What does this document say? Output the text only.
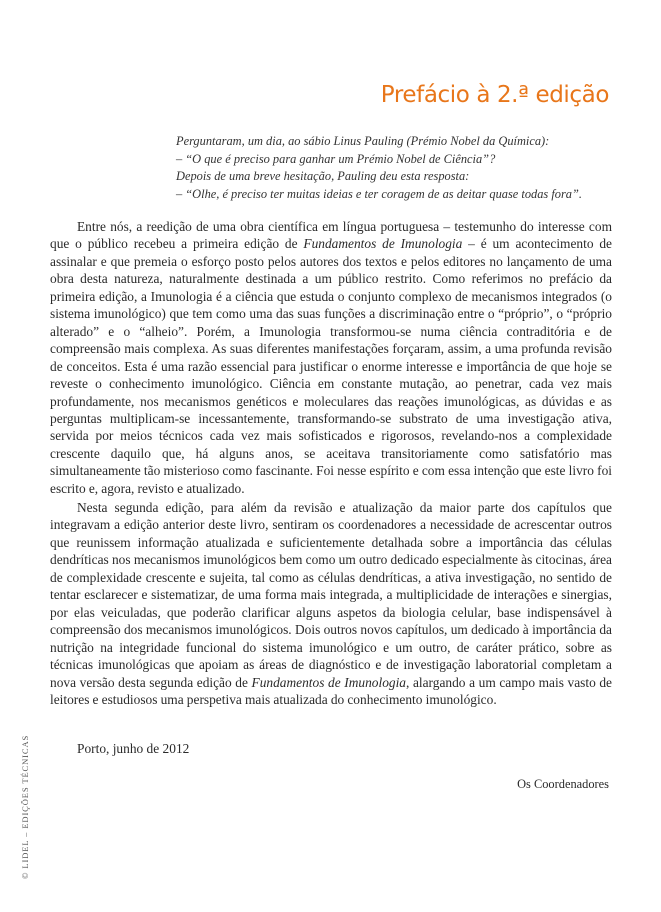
Prefácio à 2.ª edição
Perguntaram, um dia, ao sábio Linus Pauling (Prémio Nobel da Química):
– “O que é preciso para ganhar um Prémio Nobel de Ciência”?
Depois de uma breve hesitação, Pauling deu esta resposta:
– “Olhe, é preciso ter muitas ideias e ter coragem de as deitar quase todas fora”.

Entre nós, a reedição de uma obra científica em língua portuguesa – testemunho do interesse com que o público recebeu a primeira edição de Fundamentos de Imunologia – é um acontecimento de assinalar e que premeia o esforço posto pelos autores dos textos e pelos editores no lançamento de uma obra desta natureza, naturalmente destinada a um público restrito. Como referimos no prefácio da primeira edição, a Imunologia é a ciência que estuda o conjunto complexo de mecanismos integrados (o sistema imunológico) que tem como uma das suas funções a discriminação entre o “próprio”, o “próprio alterado” e o “alheio”. Porém, a Imunologia transformou-se numa ciência contraditória e de compreensão mais complexa. As suas diferentes manifestações forçaram, assim, a uma profunda revisão de conceitos. Esta é uma razão essencial para justificar o enorme interesse e importância de que hoje se reveste o conhecimento imunológico. Ciência em constante mutação, ao penetrar, cada vez mais profundamente, nos mecanismos genéticos e moleculares das reações imunológicas, as dúvidas e as perguntas multiplicam-se incessantemente, transformando-se substrato de uma investigação ativa, servida por meios técnicos cada vez mais sofisticados e rigorosos, revelando-nos a complexidade crescente daquilo que, há alguns anos, se aceitava transitoriamente como satisfatório mas simultaneamente tão misterioso como fascinante. Foi nesse espírito e com essa intenção que este livro foi escrito e, agora, revisto e atualizado.

Nesta segunda edição, para além da revisão e atualização da maior parte dos capítulos que integravam a edição anterior deste livro, sentiram os coordenadores a necessidade de acrescentar outros que reunissem informação atualizada e suficientemente detalhada sobre a importância das células dendríticas nos mecanismos imunológicos bem como um outro dedicado especialmente às citocinas, área de complexidade crescente e sujeita, tal como as células dendríticas, a ativa investigação, no sentido de tentar esclarecer e sistematizar, de uma forma mais integrada, a multiplicidade de interações e sinergias, por elas veiculadas, que poderão clarificar alguns aspetos da biologia celular, base indispensável à compreensão dos mecanismos imunológicos. Dois outros novos capítulos, um dedicado à importância da nutrição na integridade funcional do sistema imunológico e um outro, de caráter prático, sobre as técnicas imunológicas que apoiam as áreas de diagnóstico e de investigação laboratorial completam a nova versão desta segunda edição de Fundamentos de Imunologia, alargando a um campo mais vasto de leitores e estudiosos uma perspetiva mais atualizada do conhecimento imunológico.

Porto, junho de 2012

Os Coordenadores

© LIDEL – EDIÇÕES TÉCNICAS
